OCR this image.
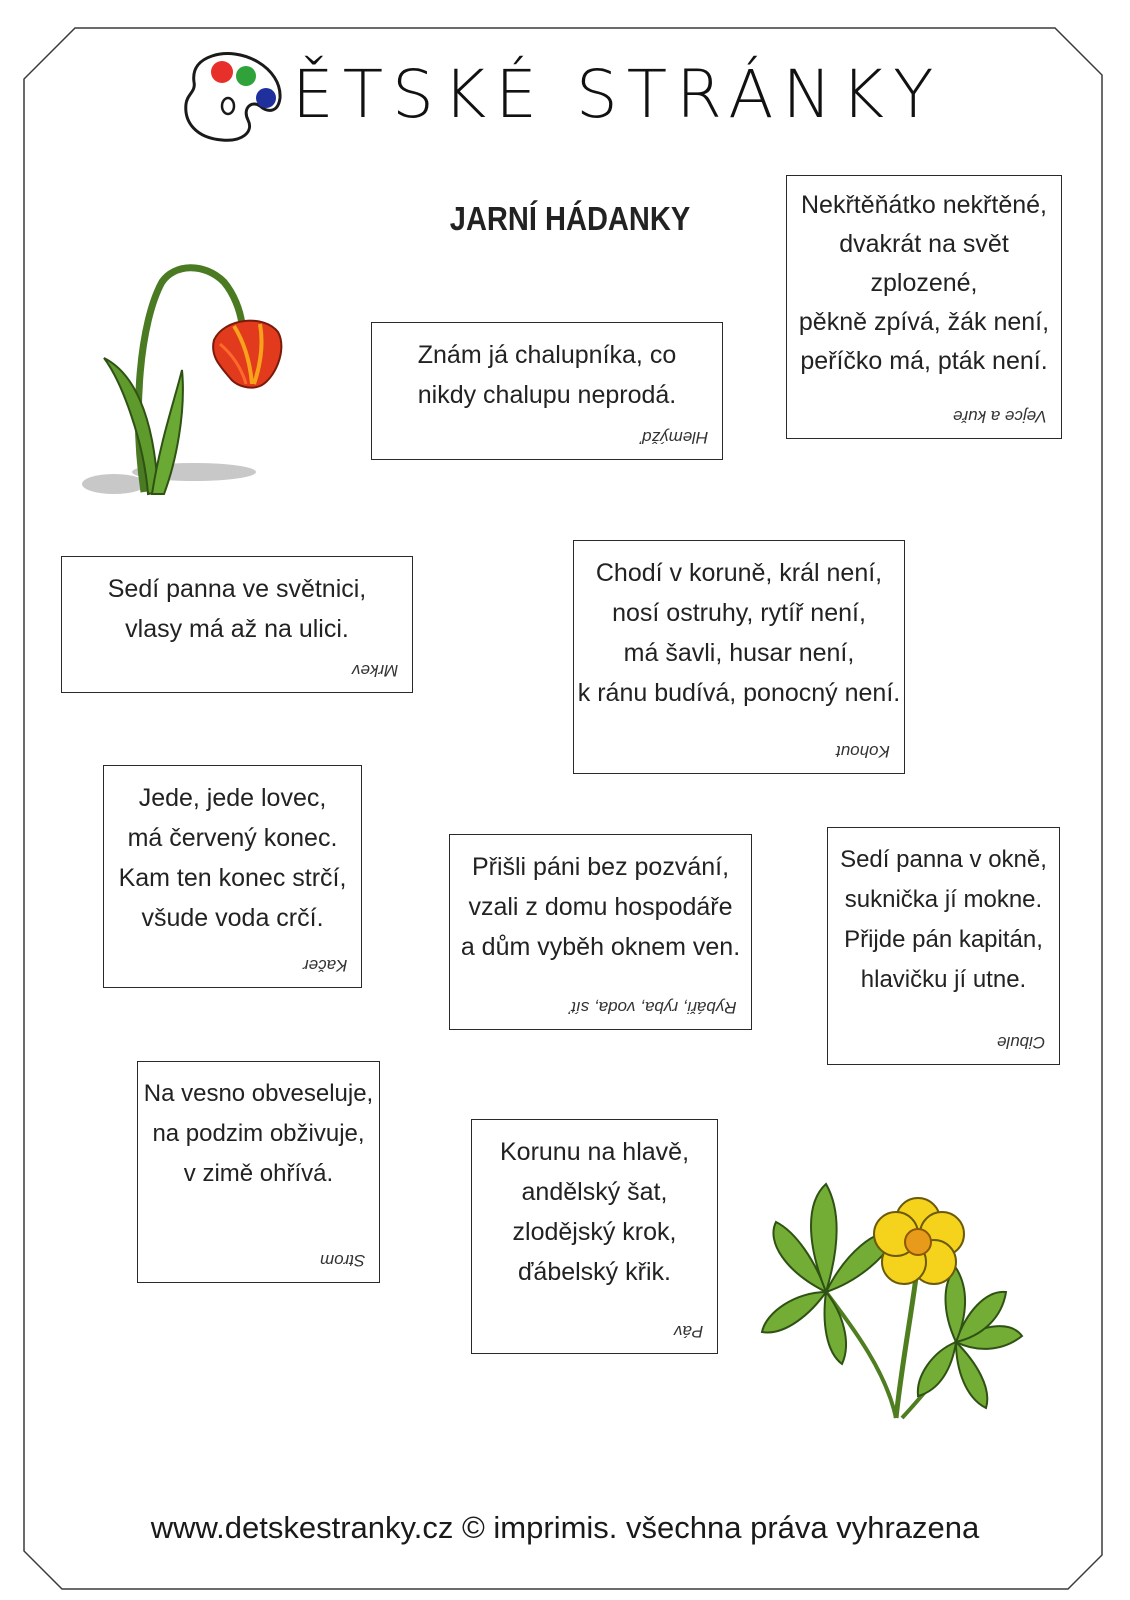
ĚTSKÉ STRÁNKY
JARNÍ HÁDANKY
Znám já chalupníka, co
nikdy chalupu neprodá.
Hlemýžď
Nekřtěňátko nekřtěné,
dvakrát na svět
zplozené,
pěkně zpívá, žák není,
peříčko má, pták není.
Vejce a kuře
Sedí panna ve světnici,
vlasy má až na ulici.
Mrkev
Chodí v koruně, král není,
nosí ostruhy, rytíř není,
má šavli, husar není,
k ránu budívá, ponocný není.
Kohout
Jede, jede lovec,
má červený konec.
Kam ten konec strčí,
všude voda crčí.
Kačer
Přišli páni bez pozvání,
vzali z domu hospodáře
a dům vyběh oknem ven.
Rybáři, ryba, voda, síť
Sedí panna v okně,
suknička jí mokne.
Přijde pán kapitán,
hlavičku jí utne.
Cibule
Na vesno obveseluje,
na podzim obživuje,
v zimě ohřívá.
Strom
Korunu na hlavě,
andělský šat,
zlodějský krok,
ďábelský křik.
Páv
www.detskestranky.cz © imprimis. všechna práva vyhrazena
